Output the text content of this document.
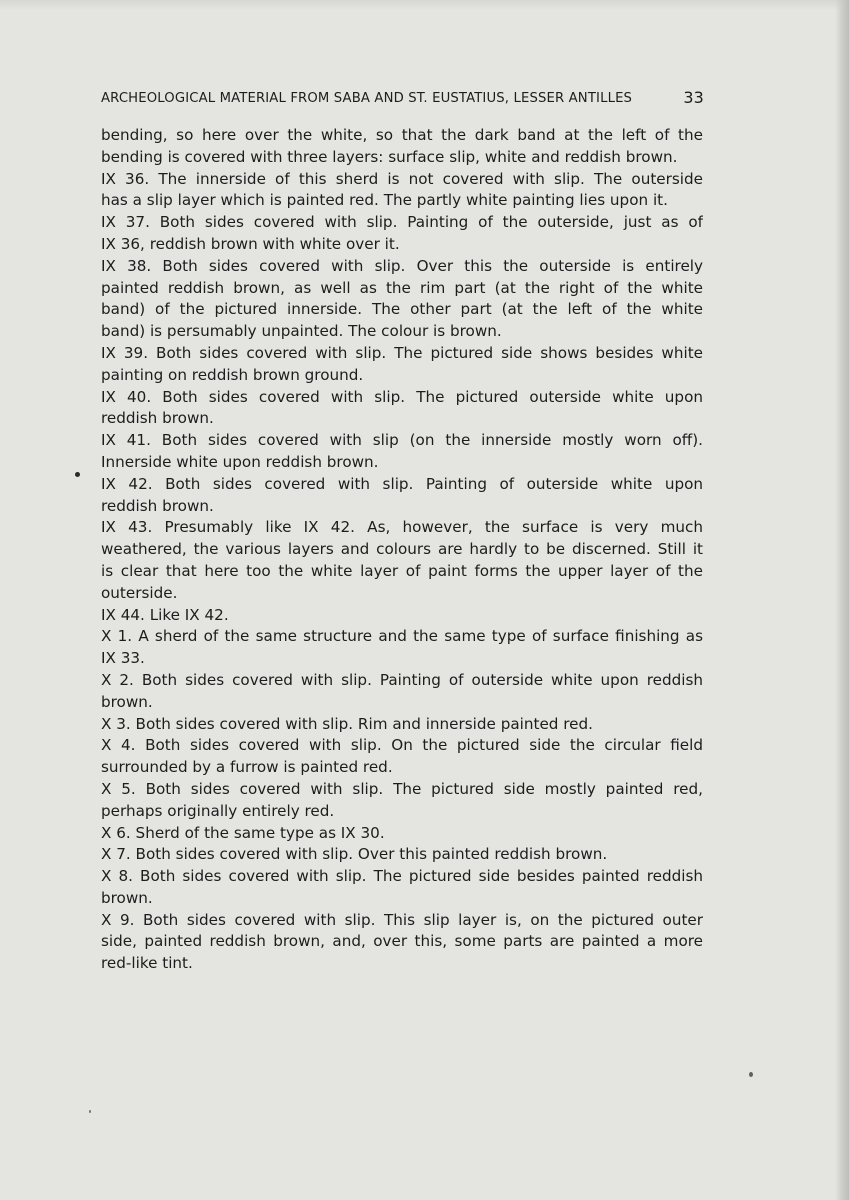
ARCHEOLOGICAL MATERIAL FROM SABA AND ST. EUSTATIUS, LESSER ANTILLES	33

bending, so here over the white, so that the dark band at the left of the
bending is covered with three layers: surface slip, white and reddish brown.

IX 36. The innerside of this sherd is not covered with slip. The outerside
has a slip layer which is painted red. The partly white painting lies upon it.

IX 37. Both sides covered with slip. Painting of the outerside, just as of
IX 36, reddish brown with white over it.

IX 38. Both sides covered with slip. Over this the outerside is entirely
painted reddish brown, as well as the rim part (at the right of the white
band) of the pictured innerside. The other part (at the left of the white
band) is persumably unpainted. The colour is brown.

IX 39. Both sides covered with slip. The pictured side shows besides white
painting on reddish brown ground.

IX 40. Both sides covered with slip. The pictured outerside white upon
reddish brown.

IX 41. Both sides covered with slip (on the innerside mostly worn off).
Innerside white upon reddish brown.

IX 42. Both sides covered with slip. Painting of outerside white upon
reddish brown.

IX 43. Presumably like IX 42. As, however, the surface is very much
weathered, the various layers and colours are hardly to be discerned. Still it
is clear that here too the white layer of paint forms the upper layer of the
outerside.

IX 44. Like IX 42.

X 1. A sherd of the same structure and the same type of surface finishing as
IX 33.

X 2. Both sides covered with slip. Painting of outerside white upon reddish
brown.

X 3. Both sides covered with slip. Rim and innerside painted red.

X 4. Both sides covered with slip. On the pictured side the circular field
surrounded by a furrow is painted red.

X 5. Both sides covered with slip. The pictured side mostly painted red,
perhaps originally entirely red.

X 6. Sherd of the same type as IX 30.

X 7. Both sides covered with slip. Over this painted reddish brown.

X 8. Both sides covered with slip. The pictured side besides painted reddish
brown.

X 9. Both sides covered with slip. This slip layer is, on the pictured outer
side, painted reddish brown, and, over this, some parts are painted a more
red-like tint.
